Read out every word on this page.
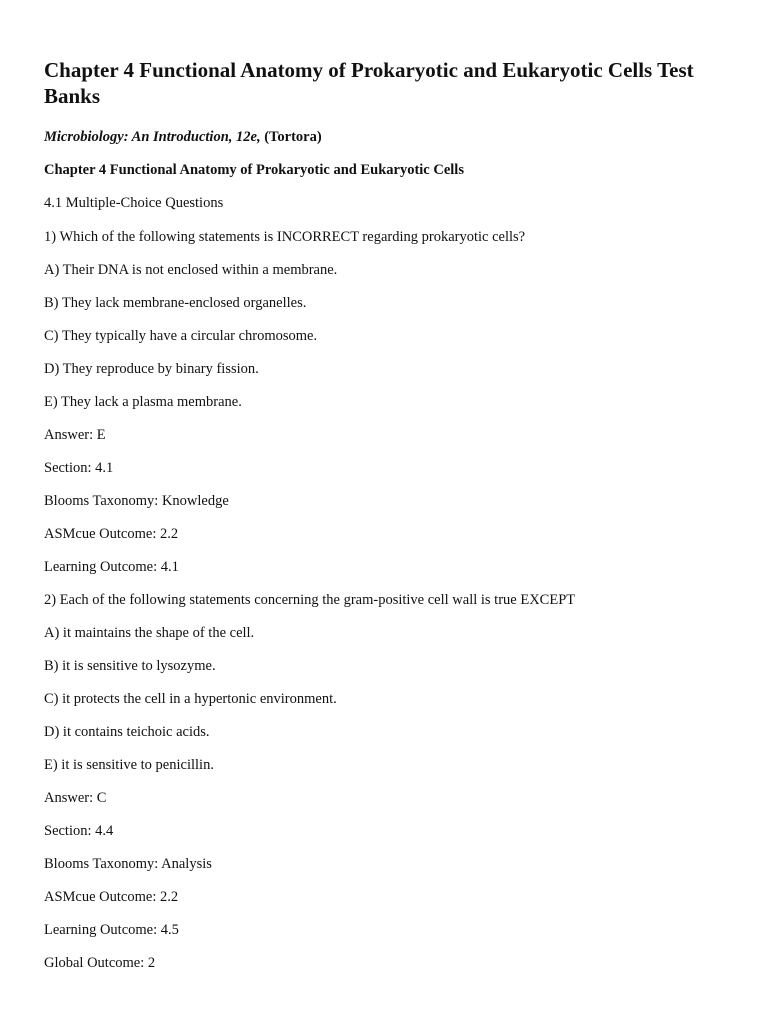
Chapter 4 Functional Anatomy of Prokaryotic and Eukaryotic Cells Test Banks
Microbiology: An Introduction, 12e, (Tortora)
Chapter 4 Functional Anatomy of Prokaryotic and Eukaryotic Cells
4.1 Multiple-Choice Questions
1) Which of the following statements is INCORRECT regarding prokaryotic cells?
A) Their DNA is not enclosed within a membrane.
B) They lack membrane-enclosed organelles.
C) They typically have a circular chromosome.
D) They reproduce by binary fission.
E) They lack a plasma membrane.
Answer: E
Section: 4.1
Blooms Taxonomy: Knowledge
ASMcue Outcome: 2.2
Learning Outcome: 4.1
2) Each of the following statements concerning the gram-positive cell wall is true EXCEPT
A) it maintains the shape of the cell.
B) it is sensitive to lysozyme.
C) it protects the cell in a hypertonic environment.
D) it contains teichoic acids.
E) it is sensitive to penicillin.
Answer: C
Section: 4.4
Blooms Taxonomy: Analysis
ASMcue Outcome: 2.2
Learning Outcome: 4.5
Global Outcome: 2
